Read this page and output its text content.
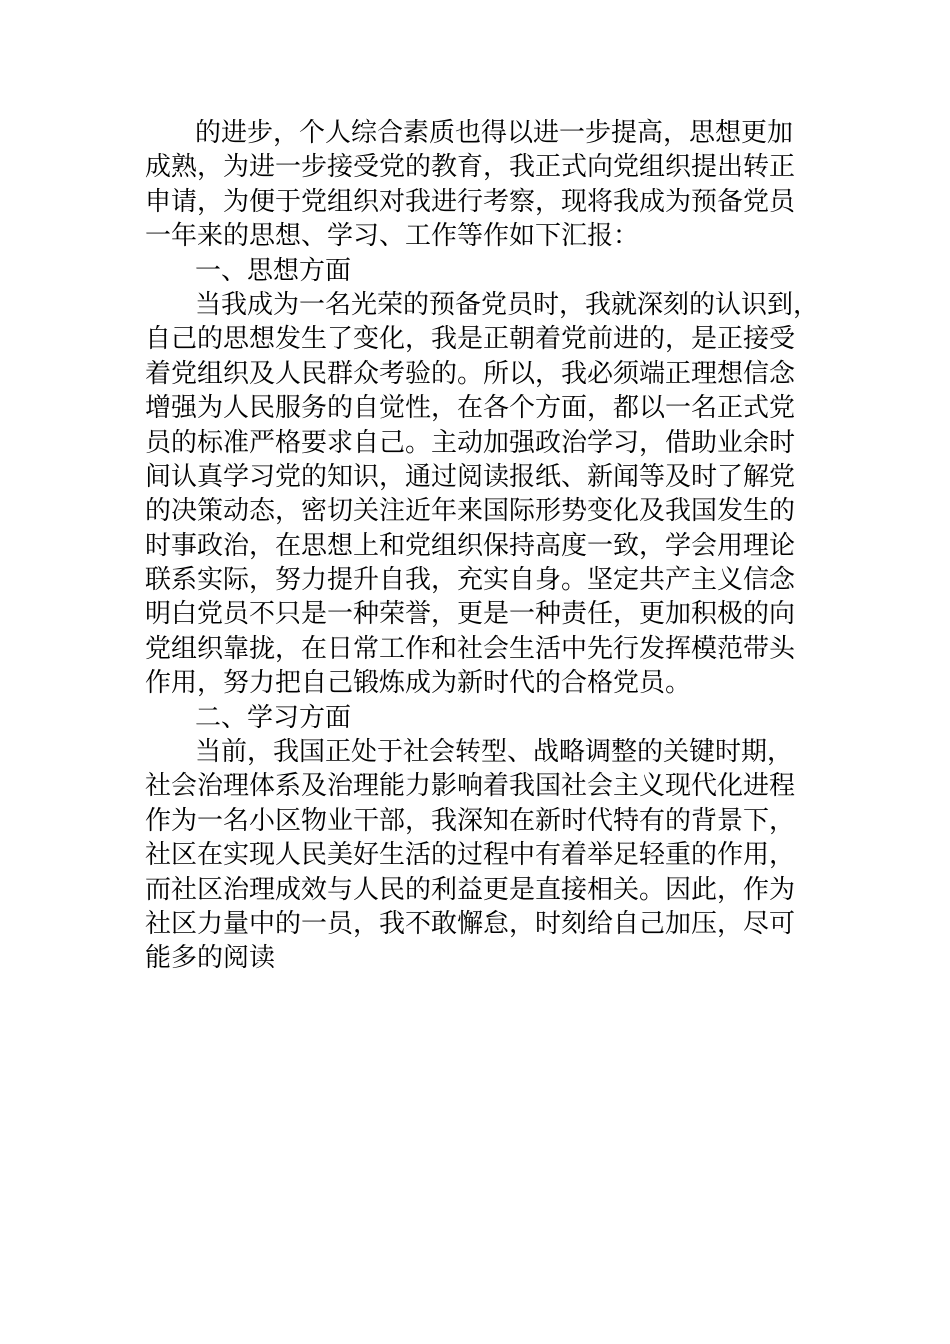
的进步，个人综合素质也得以进一步提高，思想更加
成熟，为进一步接受党的教育，我正式向党组织提出转正
申请，为便于党组织对我进行考察，现将我成为预备党员
一年来的思想、学习、工作等作如下汇报：
一、思想方面
当我成为一名光荣的预备党员时，我就深刻的认识到，
自己的思想发生了变化，我是正朝着党前进的，是正接受
着党组织及人民群众考验的。所以，我必须端正理想信念
增强为人民服务的自觉性，在各个方面，都以一名正式党
员的标准严格要求自己。主动加强政治学习，借助业余时
间认真学习党的知识，通过阅读报纸、新闻等及时了解党
的决策动态，密切关注近年来国际形势变化及我国发生的
时事政治，在思想上和党组织保持高度一致，学会用理论
联系实际，努力提升自我，充实自身。坚定共产主义信念
明白党员不只是一种荣誉，更是一种责任，更加积极的向
党组织靠拢，在日常工作和社会生活中先行发挥模范带头
作用，努力把自己锻炼成为新时代的合格党员。
二、学习方面
当前，我国正处于社会转型、战略调整的关键时期，
社会治理体系及治理能力影响着我国社会主义现代化进程
作为一名小区物业干部，我深知在新时代特有的背景下，
社区在实现人民美好生活的过程中有着举足轻重的作用，
而社区治理成效与人民的利益更是直接相关。因此，作为
社区力量中的一员，我不敢懈怠，时刻给自己加压，尽可
能多的阅读
